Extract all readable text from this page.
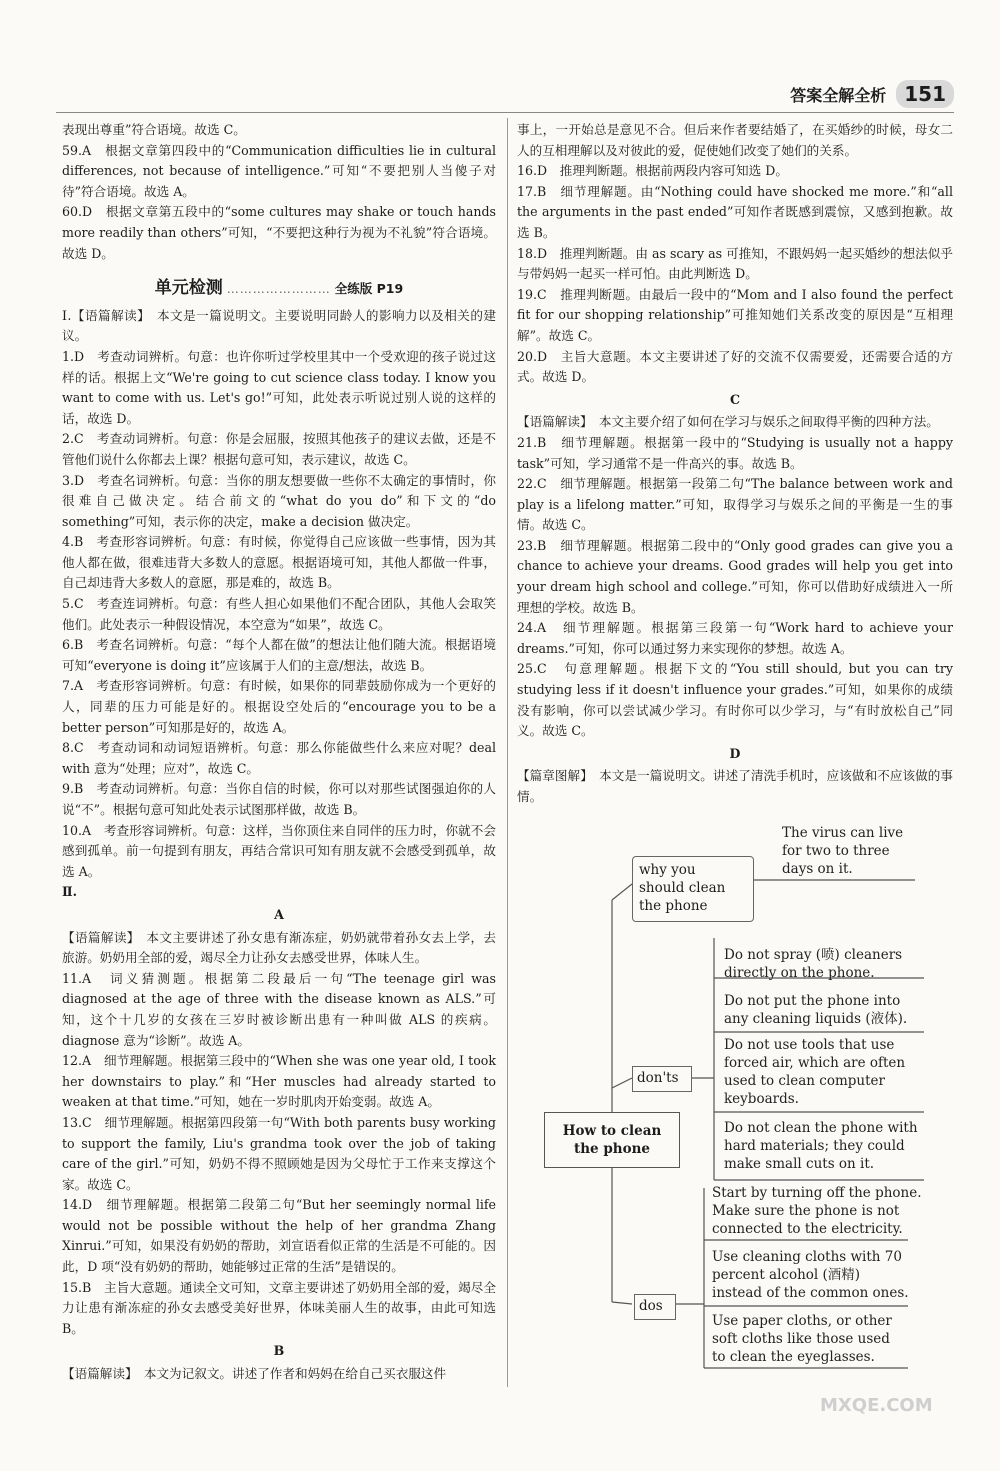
答案全解全析 151

表现出尊重”符合语境。故选 C。

59.A　根据文章第四段中的“Communication difficulties lie in cultural differences, not because of intelligence.”可知“不要把别人当傻子对待”符合语境。故选 A。

60.D　根据文章第五段中的“some cultures may shake or touch hands more readily than others”可知，“不要把这种行为视为不礼貌”符合语境。故选 D。

单元检测 …………………… 全练版 P19

Ⅰ.【语篇解读】　本文是一篇说明文。主要说明同龄人的影响力以及相关的建议。

1.D　考查动词辨析。句意：也许你听过学校里其中一个受欢迎的孩子说过这样的话。根据上文“We're going to cut science class today. I know you want to come with us. Let's go!”可知，此处表示听说过别人说的这样的话，故选 D。

2.C　考查动词辨析。句意：你是会屈服，按照其他孩子的建议去做，还是不管他们说什么你都去上课？根据句意可知，表示建议，故选 C。

3.D　考查名词辨析。句意：当你的朋友想要做一些你不太确定的事情时，你很难自己做决定。结合前文的“what do you do”和下文的“do something”可知，表示你的决定，make a decision 做决定。

4.B　考查形容词辨析。句意：有时候，你觉得自己应该做一些事情，因为其他人都在做，很难违背大多数人的意愿。根据语境可知，其他人都做一件事，自己却违背大多数人的意愿，那是难的，故选 B。

5.C　考查连词辨析。句意：有些人担心如果他们不配合团队，其他人会取笑他们。此处表示一种假设情况，本空意为“如果”，故选 C。

6.B　考查名词辨析。句意：“每个人都在做”的想法让他们随大流。根据语境可知“everyone is doing it”应该属于人们的主意/想法，故选 B。

7.A　考查形容词辨析。句意：有时候，如果你的同辈鼓励你成为一个更好的人，同辈的压力可能是好的。根据设空处后的“encourage you to be a better person”可知那是好的，故选 A。

8.C　考查动词和动词短语辨析。句意：那么你能做些什么来应对呢？deal with 意为“处理；应对”，故选 C。

9.B　考查动词辨析。句意：当你自信的时候，你可以对那些试图强迫你的人说“不”。根据句意可知此处表示试图那样做，故选 B。

10.A　考查形容词辨析。句意：这样，当你顶住来自同伴的压力时，你就不会感到孤单。前一句提到有朋友，再结合常识可知有朋友就不会感受到孤单，故选 A。

Ⅱ.

A

【语篇解读】　本文主要讲述了孙女患有渐冻症，奶奶就带着孙女去上学，去旅游。奶奶用全部的爱，竭尽全力让孙女去感受世界，体味人生。

11.A　词义猜测题。根据第二段最后一句“The teenage girl was diagnosed at the age of three with the disease known as ALS.”可知，这个十几岁的女孩在三岁时被诊断出患有一种叫做 ALS 的疾病。diagnose 意为“诊断”。故选 A。

12.A　细节理解题。根据第三段中的“When she was one year old, I took her downstairs to play.”和“Her muscles had already started to weaken at that time.”可知，她在一岁时肌肉开始变弱。故选 A。

13.C　细节理解题。根据第四段第一句“With both parents busy working to support the family, Liu's grandma took over the job of taking care of the girl.”可知，奶奶不得不照顾她是因为父母忙于工作来支撑这个家。故选 C。

14.D　细节理解题。根据第二段第二句“But her seemingly normal life would not be possible without the help of her grandma Zhang Xinrui.”可知，如果没有奶奶的帮助，刘宣语看似正常的生活是不可能的。因此，D 项“没有奶奶的帮助，她能够过正常的生活”是错误的。

15.B　主旨大意题。通读全文可知，文章主要讲述了奶奶用全部的爱，竭尽全力让患有渐冻症的孙女去感受美好世界，体味美丽人生的故事，由此可知选 B。

B

【语篇解读】　本文为记叙文。讲述了作者和妈妈在给自己买衣服这件

事上，一开始总是意见不合。但后来作者要结婚了，在买婚纱的时候，母女二人的互相理解以及对彼此的爱，促使她们改变了她们的关系。

16.D　推理判断题。根据前两段内容可知选 D。

17.B　细节理解题。由“Nothing could have shocked me more.”和“all the arguments in the past ended”可知作者既感到震惊，又感到抱歉。故选 B。

18.D　推理判断题。由 as scary as 可推知，不跟妈妈一起买婚纱的想法似乎与带妈妈一起买一样可怕。由此判断选 D。

19.C　推理判断题。由最后一段中的“Mom and I also found the perfect fit for our shopping relationship”可推知她们关系改变的原因是“互相理解”。故选 C。

20.D　主旨大意题。本文主要讲述了好的交流不仅需要爱，还需要合适的方式。故选 D。

C

【语篇解读】　本文主要介绍了如何在学习与娱乐之间取得平衡的四种方法。

21.B　细节理解题。根据第一段中的“Studying is usually not a happy task”可知，学习通常不是一件高兴的事。故选 B。

22.C　细节理解题。根据第一段第二句“The balance between work and play is a lifelong matter.”可知，取得学习与娱乐之间的平衡是一生的事情。故选 C。

23.B　细节理解题。根据第二段中的“Only good grades can give you a chance to achieve your dreams. Good grades will help you get into your dream high school and college.”可知，你可以借助好成绩进入一所理想的学校。故选 B。

24.A　细节理解题。根据第三段第一句“Work hard to achieve your dreams.”可知，你可以通过努力来实现你的梦想。故选 A。

25.C　句意理解题。根据下文的“You still should, but you can try studying less if it doesn't influence your grades.”可知，如果你的成绩没有影响，你可以尝试减少学习。有时你可以少学习，与“有时放松自己”同义。故选 C。

D

【篇章图解】　本文是一篇说明文。讲述了清洗手机时，应该做和不应该做的事情。

How to clean
the phone
why you
should clean
the phone
The virus can live
for two to three
days on it.
don'ts
Do not spray (喷) cleaners
directly on the phone.
Do not put the phone into
any cleaning liquids (液体).
Do not use tools that use
forced air, which are often
used to clean computer
keyboards.
Do not clean the phone with
hard materials; they could
make small cuts on it.
dos
Start by turning off the phone.
Make sure the phone is not
connected to the electricity.
Use cleaning cloths with 70
percent alcohol (酒精)
instead of the common ones.
Use paper cloths, or other
soft cloths like those used
to clean the eyeglasses.
MXQE.COM
